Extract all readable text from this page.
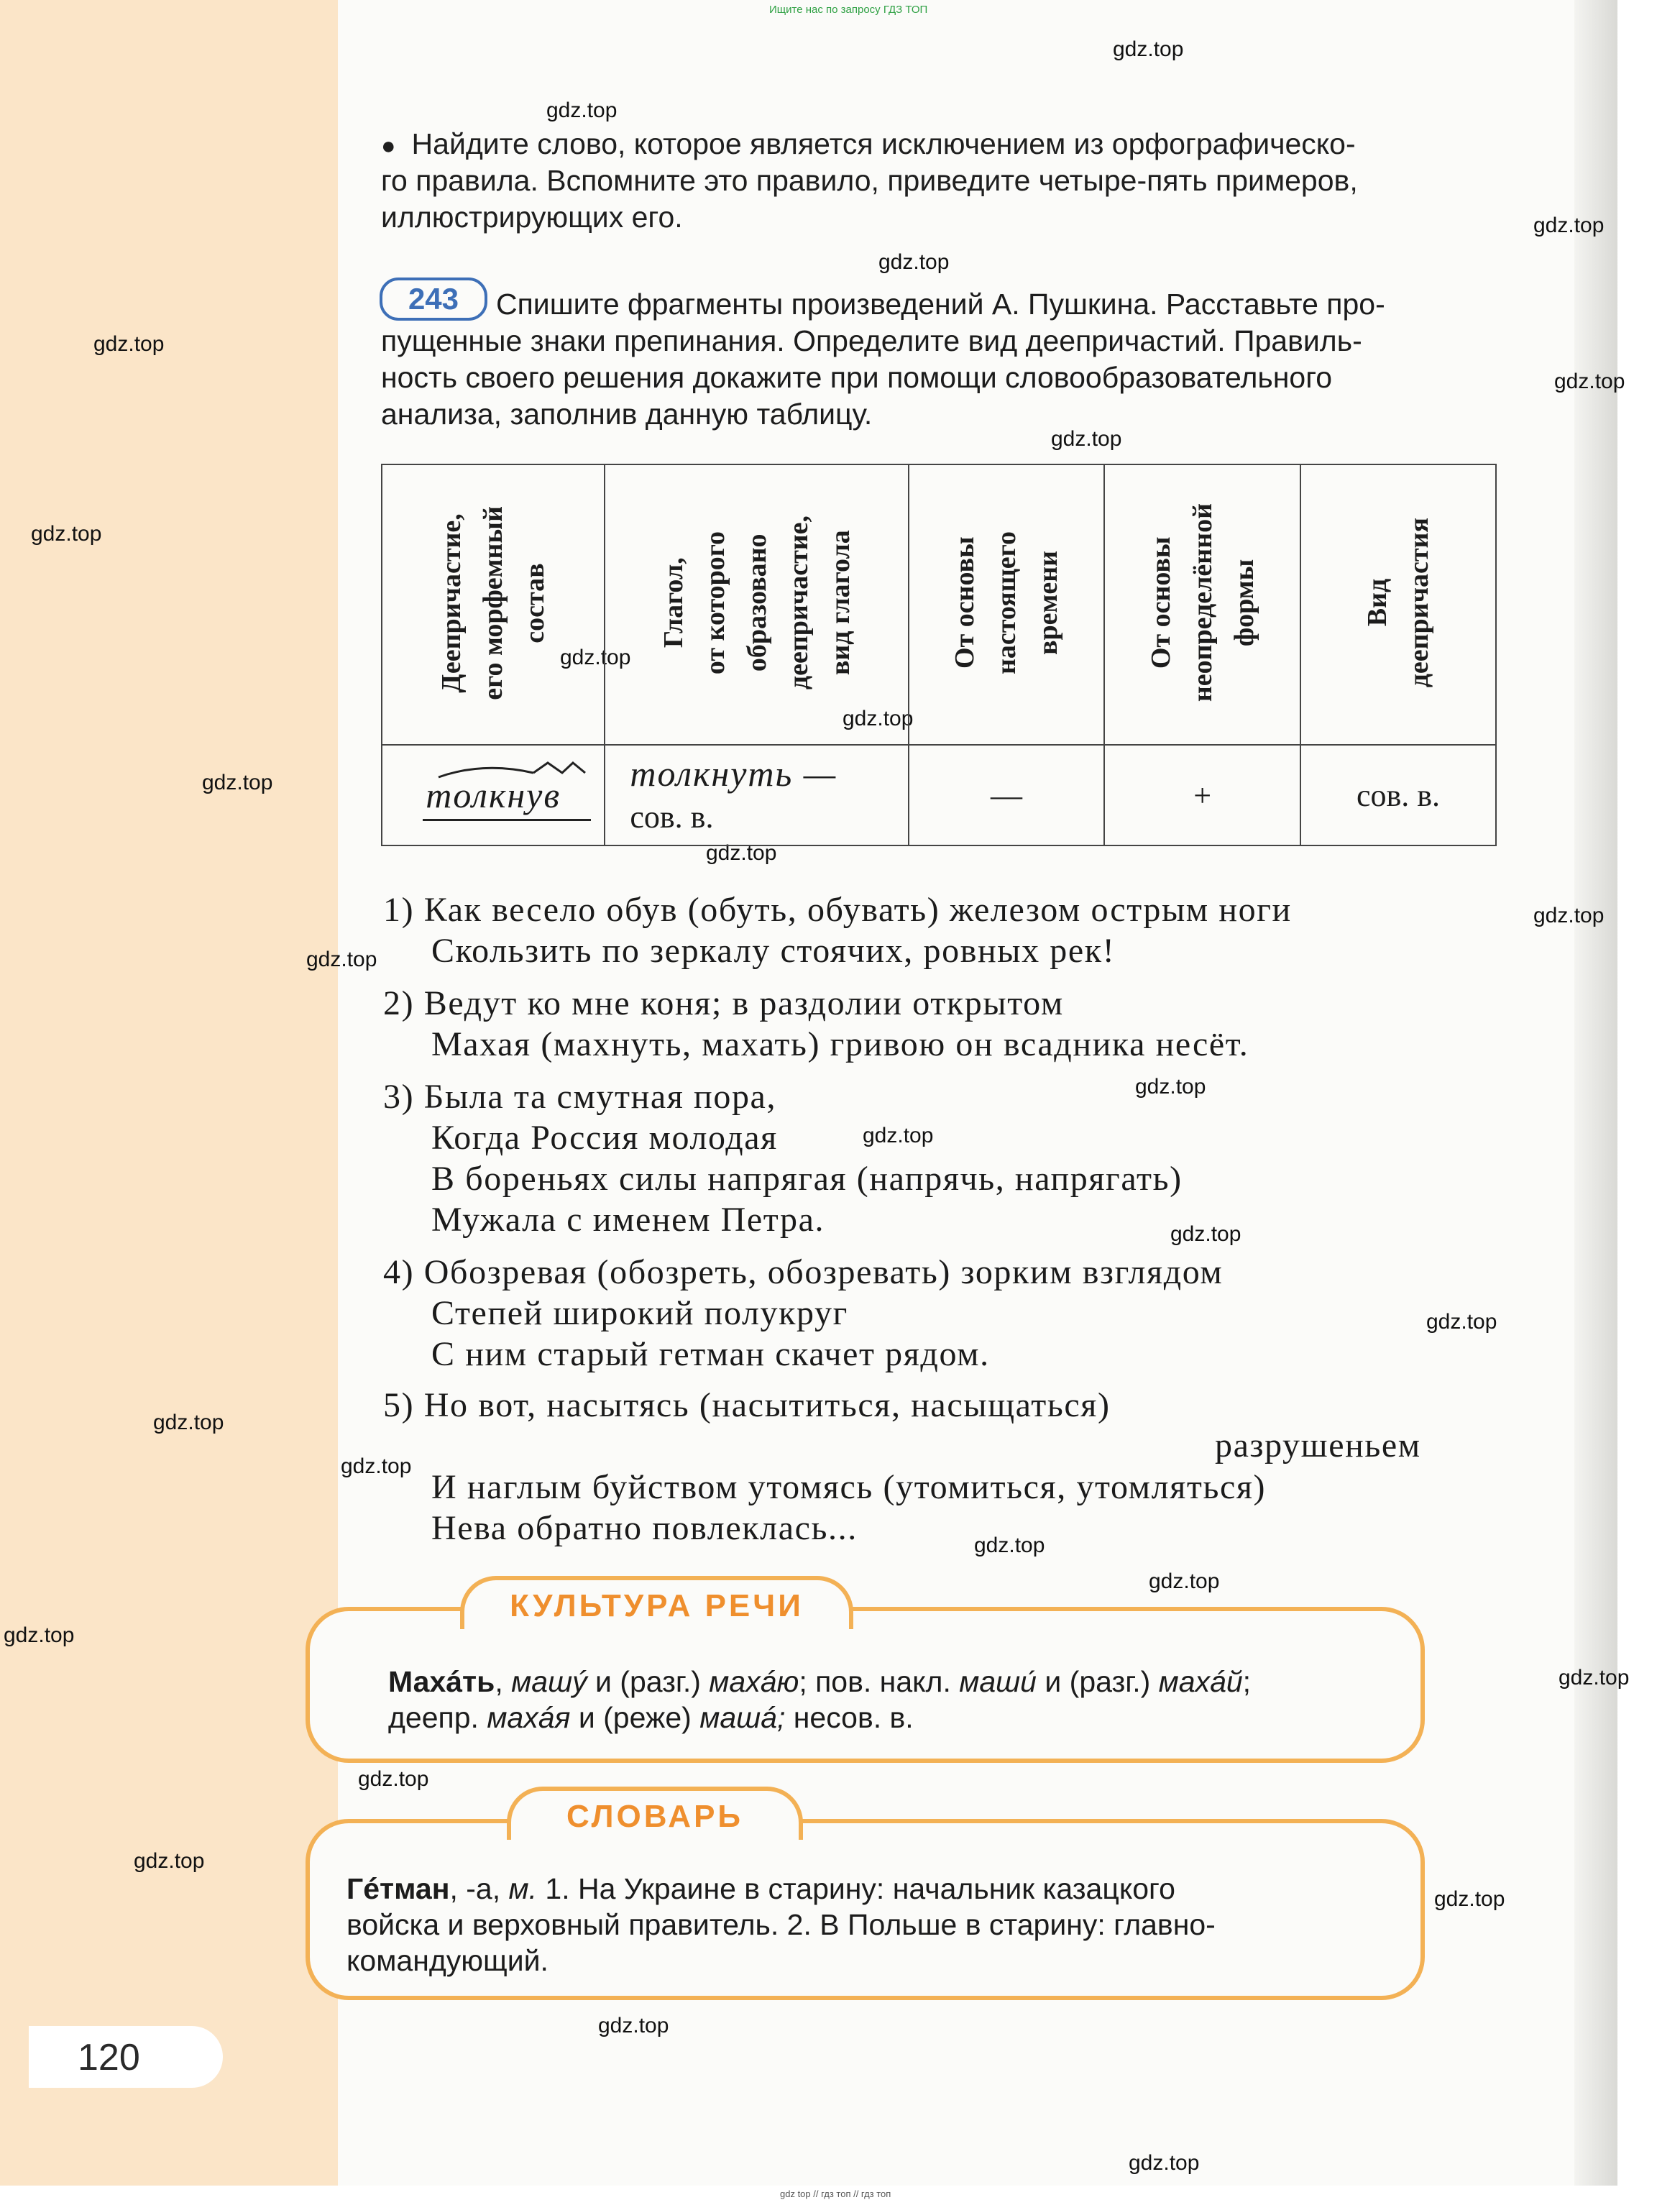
120
Ищите нас по запросу ГДЗ ТОП
gdz top // гдз топ // гдз топ
gdz.top
gdz.top
gdz.top
gdz.top
gdz.top
gdz.top
gdz.top
gdz.top
gdz.top
gdz.top
gdz.top
gdz.top
gdz.top
gdz.top
gdz.top
gdz.top
gdz.top
gdz.top
gdz.top
gdz.top
gdz.top
gdz.top
gdz.top
gdz.top
gdz.top
gdz.top
gdz.top
gdz.top
gdz.top
● Найдите слово, которое является исключением из орфографическо-
го правила. Вспомните это правило, приведите четыре-пять примеров,
иллюстрирующих его.
243	Спишите фрагменты произведений А. Пушкина. Расставьте про-
пущенные знаки препинания. Определите вид деепричастий. Правиль-
ность своего решения докажите при помощи словообразовательного
анализа, заполнив данную таблицу.
Деепричастие,
его морфемный
состав	Глагол,
от которого
образовано
деепричастие,
вид глагола	От основы
настоящего
времени	От основы
неопределённой
формы	Вид
деепричастия

толкнув	толкнуть —
сов. в.	—	+	сов. в.
1) Как весело обув (обуть, обувать) железом острым ноги
Скользить по зеркалу стоячих, ровных рек!
2) Ведут ко мне коня; в раздолии открытом
Махая (махнуть, махать) гривою он всадника несёт.
3) Была та смутная пора,
Когда Россия молодая
В бореньях силы напрягая (напрячь, напрягать)
Мужала с именем Петра.
4) Обозревая (обозреть, обозревать) зорким взглядом
Степей широкий полукруг
С ним старый гетман скачет рядом.
5) Но вот, насытясь (насытиться, насыщаться)
разрушеньем
И наглым буйством утомясь (утомиться, утомляться)
Нева обратно повлеклась...
КУЛЬТУРА РЕЧИ
Махáть, машý и (разг.) махáю; пов. накл. маши́ и (разг.) махáй;
деепр. махáя и (реже) машá; несов. в.
СЛОВАРЬ
Гéтман, -а, м. 1. На Украине в старину: начальник казацкого
войска и верховный правитель. 2. В Польше в старину: главно-
командующий.
